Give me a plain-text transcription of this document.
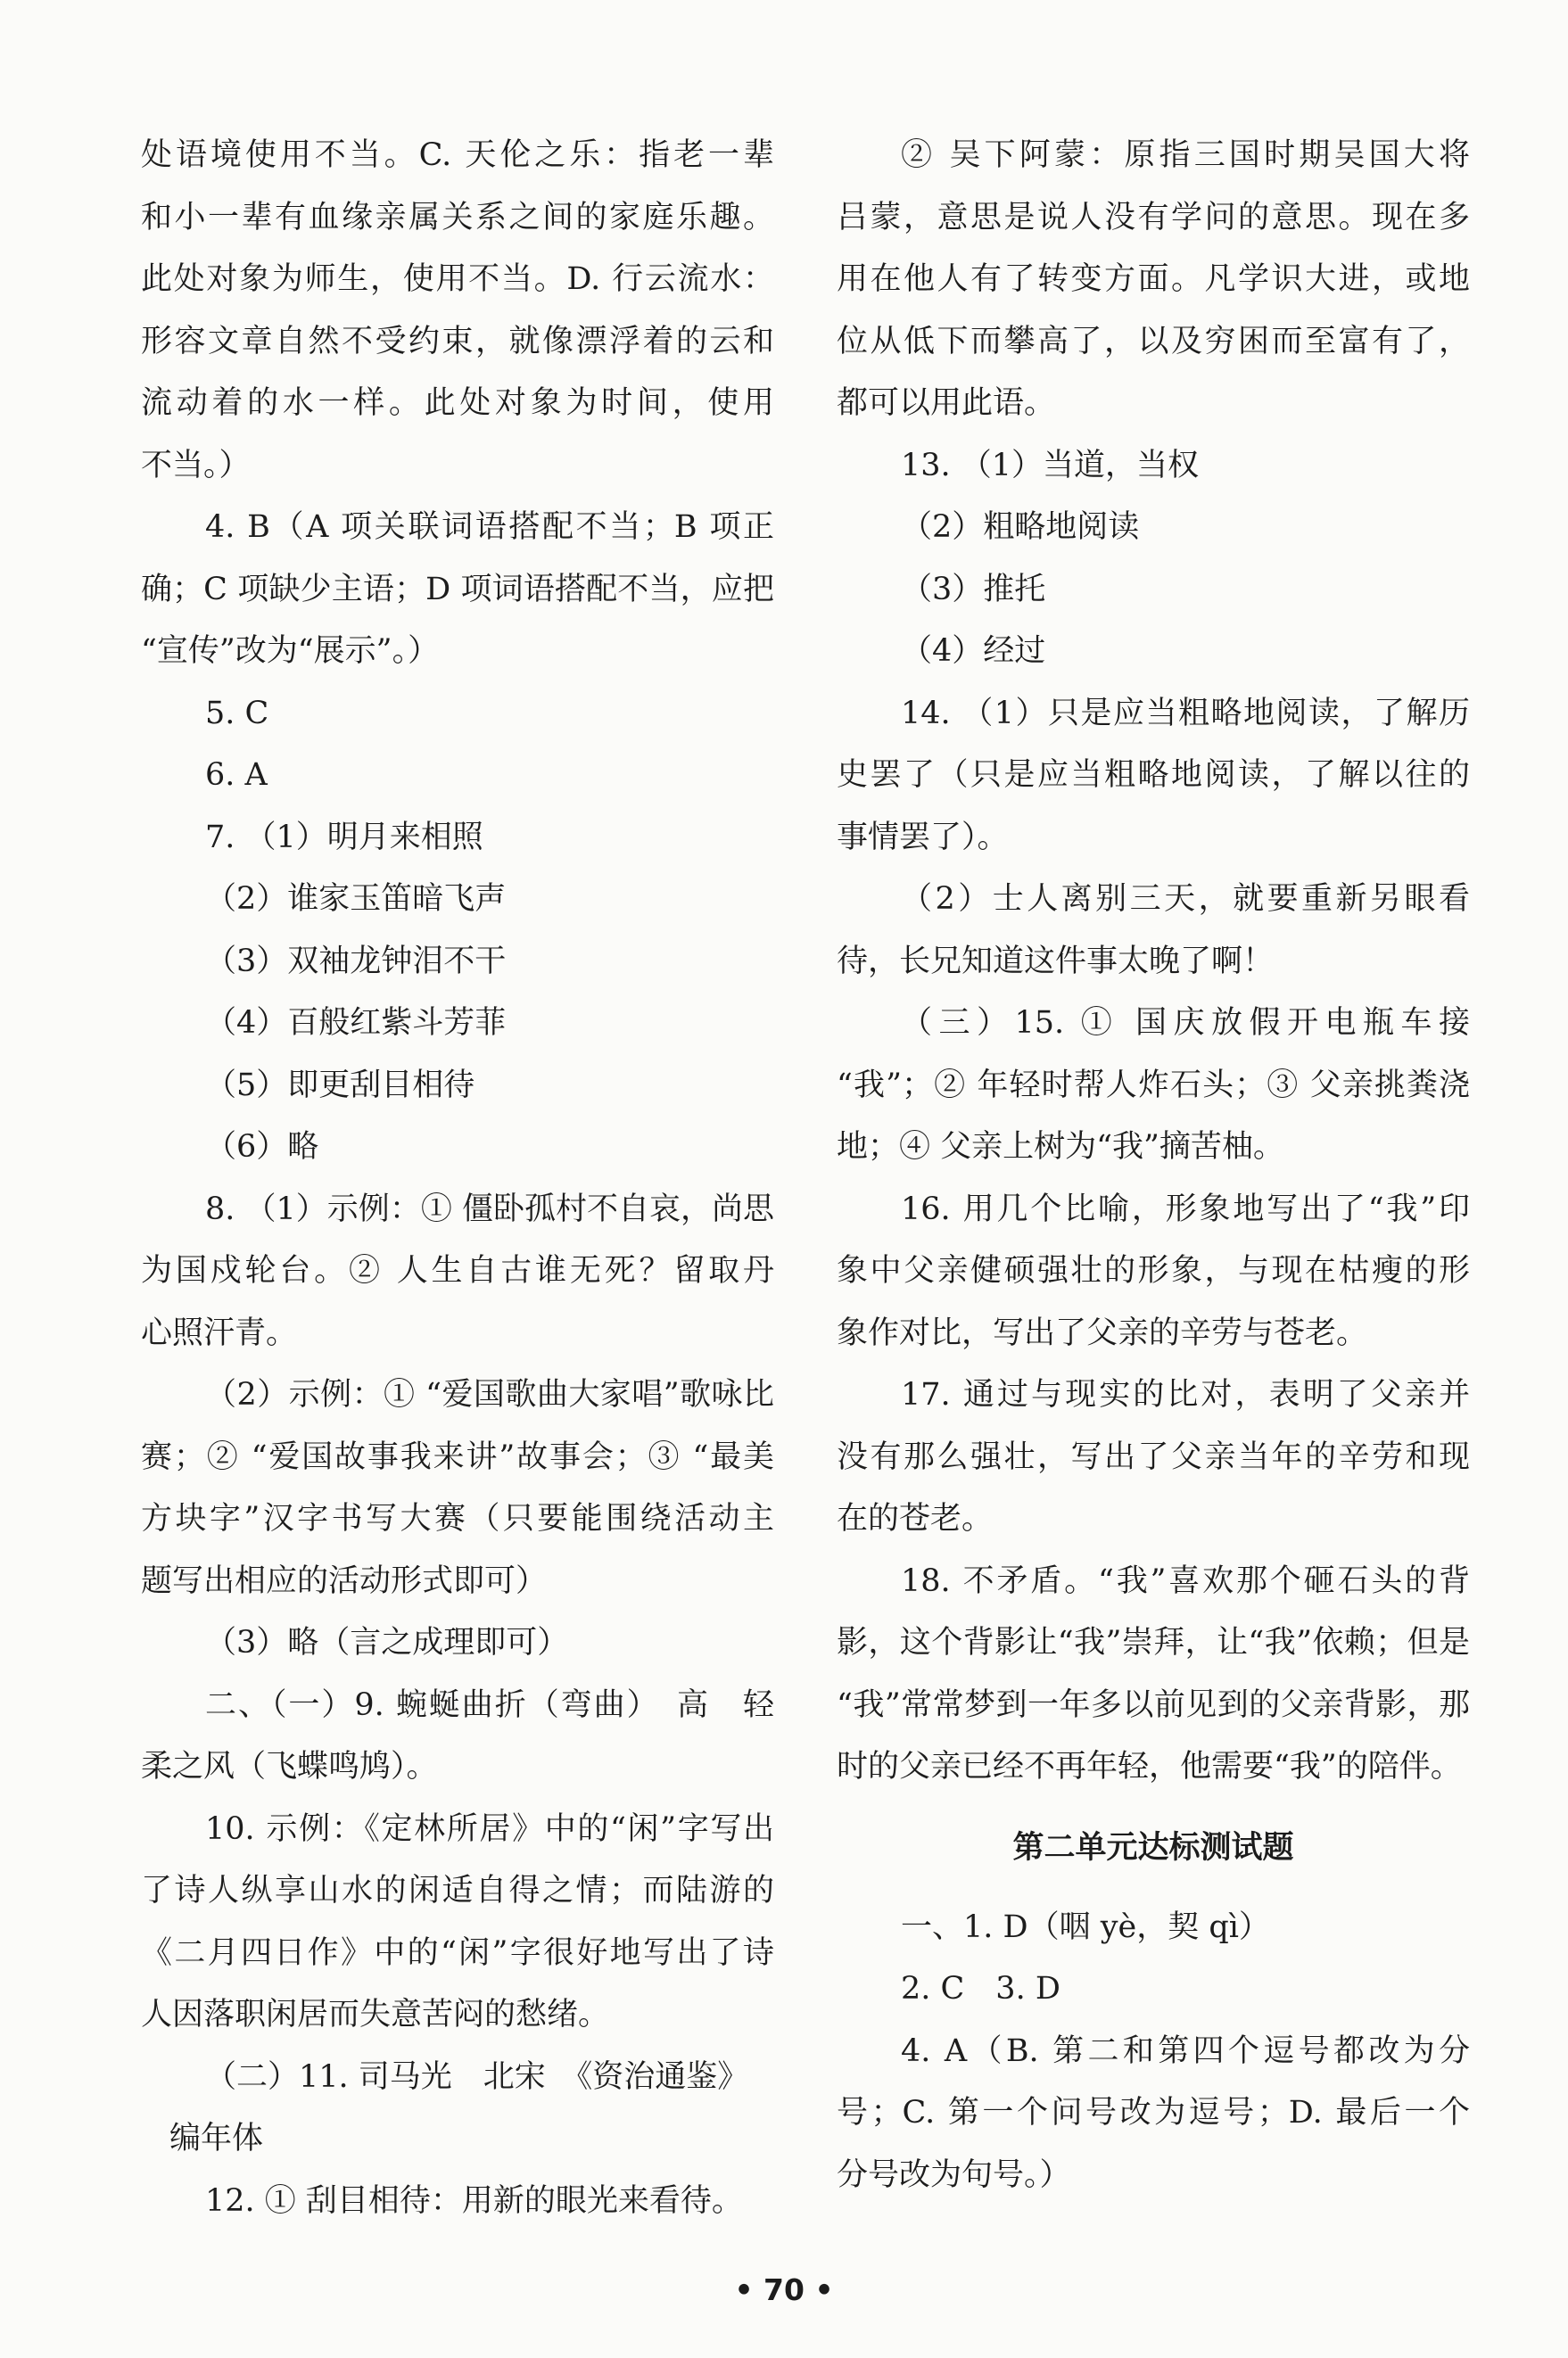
处语境使用不当。C. 天伦之乐：指老一辈
和小一辈有血缘亲属关系之间的家庭乐趣。
此处对象为师生，使用不当。D. 行云流水：
形容文章自然不受约束，就像漂浮着的云和
流动着的水一样。此处对象为时间，使用
不当。）
4. B（A 项关联词语搭配不当；B 项正
确；C 项缺少主语；D 项词语搭配不当，应把
“宣传”改为“展示”。）
5. C
6. A
7. （1）明月来相照
（2）谁家玉笛暗飞声
（3）双袖龙钟泪不干
（4）百般红紫斗芳菲
（5）即更刮目相待
（6）略
8. （1）示例：① 僵卧孤村不自哀，尚思
为国戍轮台。② 人生自古谁无死？留取丹
心照汗青。
（2）示例：① “爱国歌曲大家唱”歌咏比
赛；② “爱国故事我来讲”故事会；③ “最美
方块字”汉字书写大赛（只要能围绕活动主
题写出相应的活动形式即可）
（3）略（言之成理即可）
二、（一）9. 蜿蜒曲折（弯曲）　高　轻
柔之风（飞蝶鸣鸠）。
10. 示例：《定林所居》中的“闲”字写出
了诗人纵享山水的闲适自得之情；而陆游的
《二月四日作》中的“闲”字很好地写出了诗
人因落职闲居而失意苦闷的愁绪。
（二）11. 司马光　北宋　《资治通鉴》
编年体
12. ① 刮目相待：用新的眼光来看待。
② 吴下阿蒙：原指三国时期吴国大将
吕蒙，意思是说人没有学问的意思。现在多
用在他人有了转变方面。凡学识大进，或地
位从低下而攀高了，以及穷困而至富有了，
都可以用此语。
13. （1）当道，当权
（2）粗略地阅读
（3）推托
（4）经过
14. （1）只是应当粗略地阅读，了解历
史罢了（只是应当粗略地阅读，了解以往的
事情罢了）。
（2）士人离别三天，就要重新另眼看
待，长兄知道这件事太晚了啊！
（三）15. ① 国庆放假开电瓶车接
“我”；② 年轻时帮人炸石头；③ 父亲挑粪浇
地；④ 父亲上树为“我”摘苦柚。
16. 用几个比喻，形象地写出了“我”印
象中父亲健硕强壮的形象，与现在枯瘦的形
象作对比，写出了父亲的辛劳与苍老。
17. 通过与现实的比对，表明了父亲并
没有那么强壮，写出了父亲当年的辛劳和现
在的苍老。
18. 不矛盾。“我”喜欢那个砸石头的背
影，这个背影让“我”崇拜，让“我”依赖；但是
“我”常常梦到一年多以前见到的父亲背影，那
时的父亲已经不再年轻，他需要“我”的陪伴。
第二单元达标测试题
一、1. D（咽 yè，契 qì）
2. C　3. D
4. A（B. 第二和第四个逗号都改为分
号；C. 第一个问号改为逗号；D. 最后一个
分号改为句号。）
• 70 •
